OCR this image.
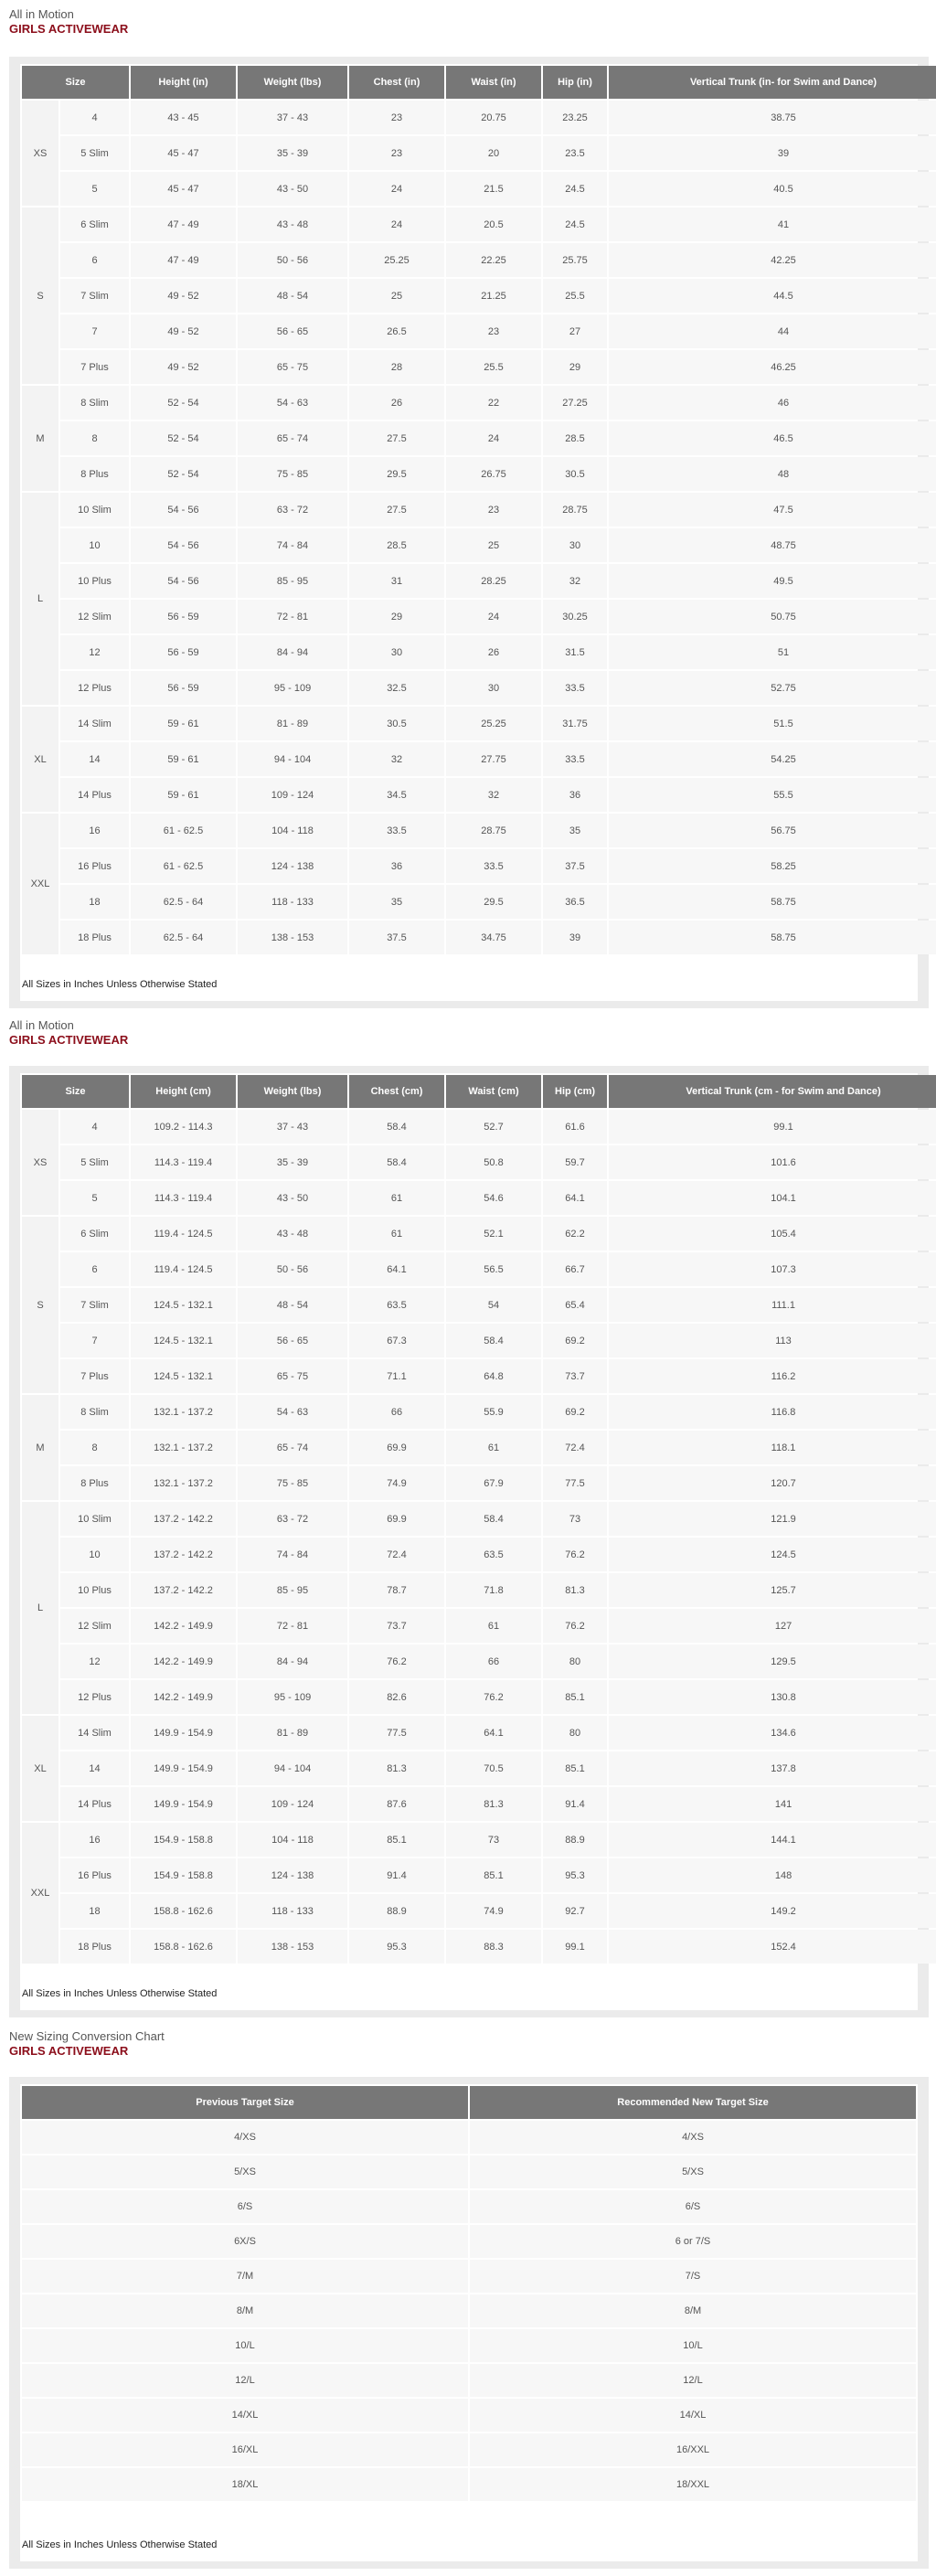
All in Motion
GIRLS ACTIVEWEAR
Size		Height (in)	Weight (lbs)	Chest (in)	Waist (in)	Hip (in)	Vertical Trunk (in- for Swim and Dance)
XS	4	43 - 45	37 - 43	23	20.75	23.25	38.75
	5 Slim	45 - 47	35 - 39	23	20	23.5	39
	5	45 - 47	43 - 50	24	21.5	24.5	40.5
S	6 Slim	47 - 49	43 - 48	24	20.5	24.5	41
	6	47 - 49	50 - 56	25.25	22.25	25.75	42.25
	7 Slim	49 - 52	48 - 54	25	21.25	25.5	44.5
	7	49 - 52	56 - 65	26.5	23	27	44
	7 Plus	49 - 52	65 - 75	28	25.5	29	46.25
M	8 Slim	52 - 54	54 - 63	26	22	27.25	46
	8	52 - 54	65 - 74	27.5	24	28.5	46.5
	8 Plus	52 - 54	75 - 85	29.5	26.75	30.5	48
L	10 Slim	54 - 56	63 - 72	27.5	23	28.75	47.5
	10	54 - 56	74 - 84	28.5	25	30	48.75
	10 Plus	54 - 56	85 - 95	31	28.25	32	49.5
	12 Slim	56 - 59	72 - 81	29	24	30.25	50.75
	12	56 - 59	84 - 94	30	26	31.5	51
	12 Plus	56 - 59	95 - 109	32.5	30	33.5	52.75
XL	14 Slim	59 - 61	81 - 89	30.5	25.25	31.75	51.5
	14	59 - 61	94 - 104	32	27.75	33.5	54.25
	14 Plus	59 - 61	109 - 124	34.5	32	36	55.5
XXL	16	61 - 62.5	104 - 118	33.5	28.75	35	56.75
	16 Plus	61 - 62.5	124 - 138	36	33.5	37.5	58.25
	18	62.5 - 64	118 - 133	35	29.5	36.5	58.75
	18 Plus	62.5 - 64	138 - 153	37.5	34.75	39	58.75
All Sizes in Inches Unless Otherwise Stated
All in Motion
GIRLS ACTIVEWEAR
Size		Height (cm)	Weight (lbs)	Chest (cm)	Waist (cm)	Hip (cm)	Vertical Trunk (cm - for Swim and Dance)
XS	4	109.2 - 114.3	37 - 43	58.4	52.7	61.6	99.1
	5 Slim	114.3 - 119.4	35 - 39	58.4	50.8	59.7	101.6
	5	114.3 - 119.4	43 - 50	61	54.6	64.1	104.1
S	6 Slim	119.4 - 124.5	43 - 48	61	52.1	62.2	105.4
	6	119.4 - 124.5	50 - 56	64.1	56.5	66.7	107.3
	7 Slim	124.5 - 132.1	48 - 54	63.5	54	65.4	111.1
	7	124.5 - 132.1	56 - 65	67.3	58.4	69.2	113
	7 Plus	124.5 - 132.1	65 - 75	71.1	64.8	73.7	116.2
M	8 Slim	132.1 - 137.2	54 - 63	66	55.9	69.2	116.8
	8	132.1 - 137.2	65 - 74	69.9	61	72.4	118.1
	8 Plus	132.1 - 137.2	75 - 85	74.9	67.9	77.5	120.7
L	10 Slim	137.2 - 142.2	63 - 72	69.9	58.4	73	121.9
	10	137.2 - 142.2	74 - 84	72.4	63.5	76.2	124.5
	10 Plus	137.2 - 142.2	85 - 95	78.7	71.8	81.3	125.7
	12 Slim	142.2 - 149.9	72 - 81	73.7	61	76.2	127
	12	142.2 - 149.9	84 - 94	76.2	66	80	129.5
	12 Plus	142.2 - 149.9	95 - 109	82.6	76.2	85.1	130.8
XL	14 Slim	149.9 - 154.9	81 - 89	77.5	64.1	80	134.6
	14	149.9 - 154.9	94 - 104	81.3	70.5	85.1	137.8
	14 Plus	149.9 - 154.9	109 - 124	87.6	81.3	91.4	141
XXL	16	154.9 - 158.8	104 - 118	85.1	73	88.9	144.1
	16 Plus	154.9 - 158.8	124 - 138	91.4	85.1	95.3	148
	18	158.8 - 162.6	118 - 133	88.9	74.9	92.7	149.2
	18 Plus	158.8 - 162.6	138 - 153	95.3	88.3	99.1	152.4
All Sizes in Inches Unless Otherwise Stated
New Sizing Conversion Chart
GIRLS ACTIVEWEAR
Previous Target Size	Recommended New Target Size
4/XS	4/XS
5/XS	5/XS
6/S	6/S
6X/S	6 or 7/S
7/M	7/S
8/M	8/M
10/L	10/L
12/L	12/L
14/XL	14/XL
16/XL	16/XXL
18/XL	18/XXL
All Sizes in Inches Unless Otherwise Stated
